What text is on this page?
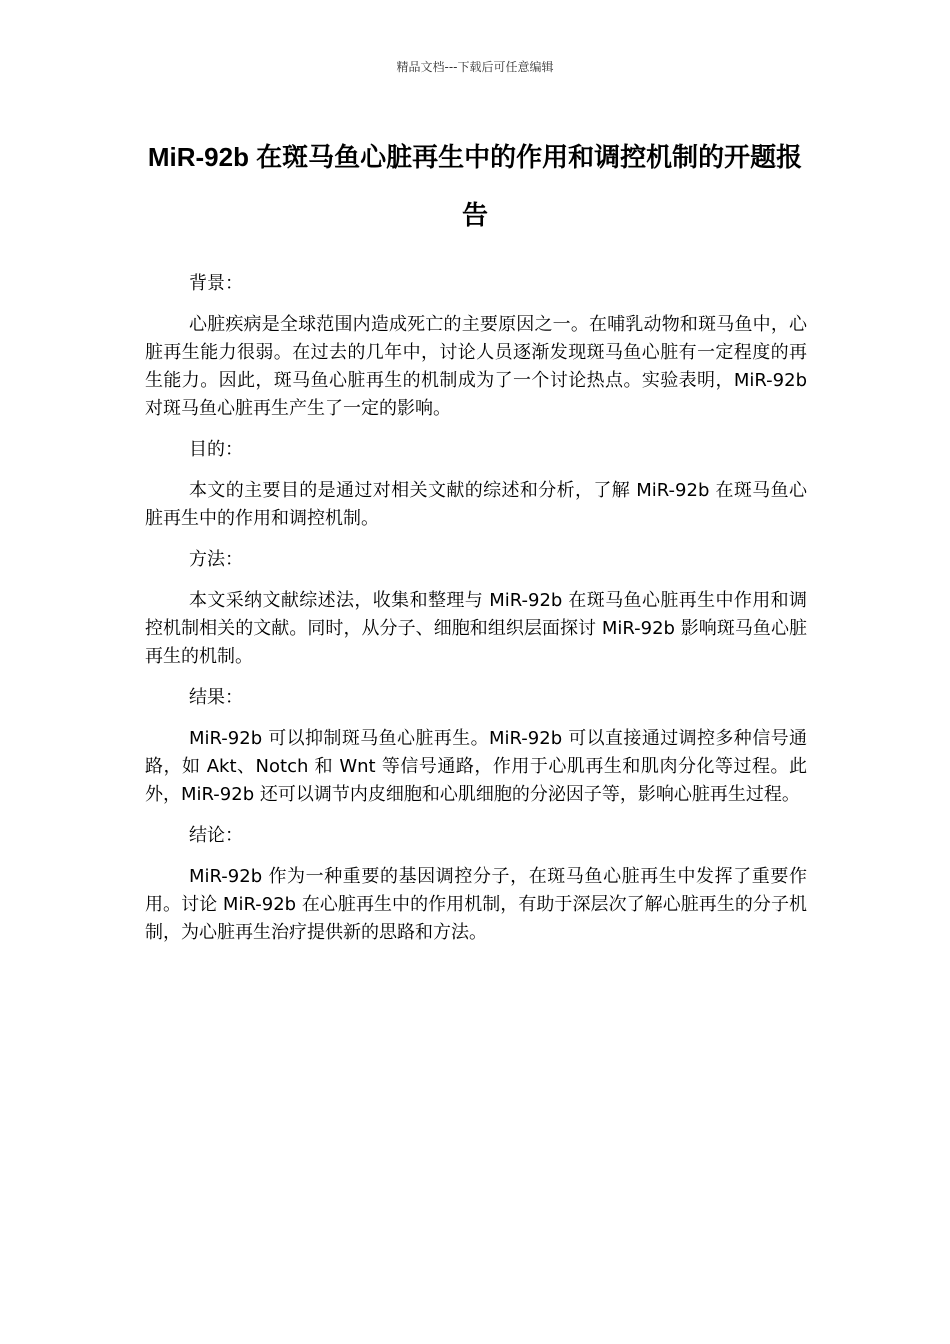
精品文档---下载后可任意编辑
MiR-92b 在斑马鱼心脏再生中的作用和调控机制的开题报告

背景：

心脏疾病是全球范围内造成死亡的主要原因之一。在哺乳动物和斑马鱼中，心脏再生能力很弱。在过去的几年中，讨论人员逐渐发现斑马鱼心脏有一定程度的再生能力。因此，斑马鱼心脏再生的机制成为了一个讨论热点。实验表明，MiR-92b 对斑马鱼心脏再生产生了一定的影响。

目的：

本文的主要目的是通过对相关文献的综述和分析，了解 MiR-92b 在斑马鱼心脏再生中的作用和调控机制。

方法：

本文采纳文献综述法，收集和整理与 MiR-92b 在斑马鱼心脏再生中作用和调控机制相关的文献。同时，从分子、细胞和组织层面探讨 MiR-92b 影响斑马鱼心脏再生的机制。

结果：

MiR-92b 可以抑制斑马鱼心脏再生。MiR-92b 可以直接通过调控多种信号通路，如 Akt、Notch 和 Wnt 等信号通路，作用于心肌再生和肌肉分化等过程。此外，MiR-92b 还可以调节内皮细胞和心肌细胞的分泌因子等，影响心脏再生过程。

结论：

MiR-92b 作为一种重要的基因调控分子，在斑马鱼心脏再生中发挥了重要作用。讨论 MiR-92b 在心脏再生中的作用机制，有助于深层次了解心脏再生的分子机制，为心脏再生治疗提供新的思路和方法。
